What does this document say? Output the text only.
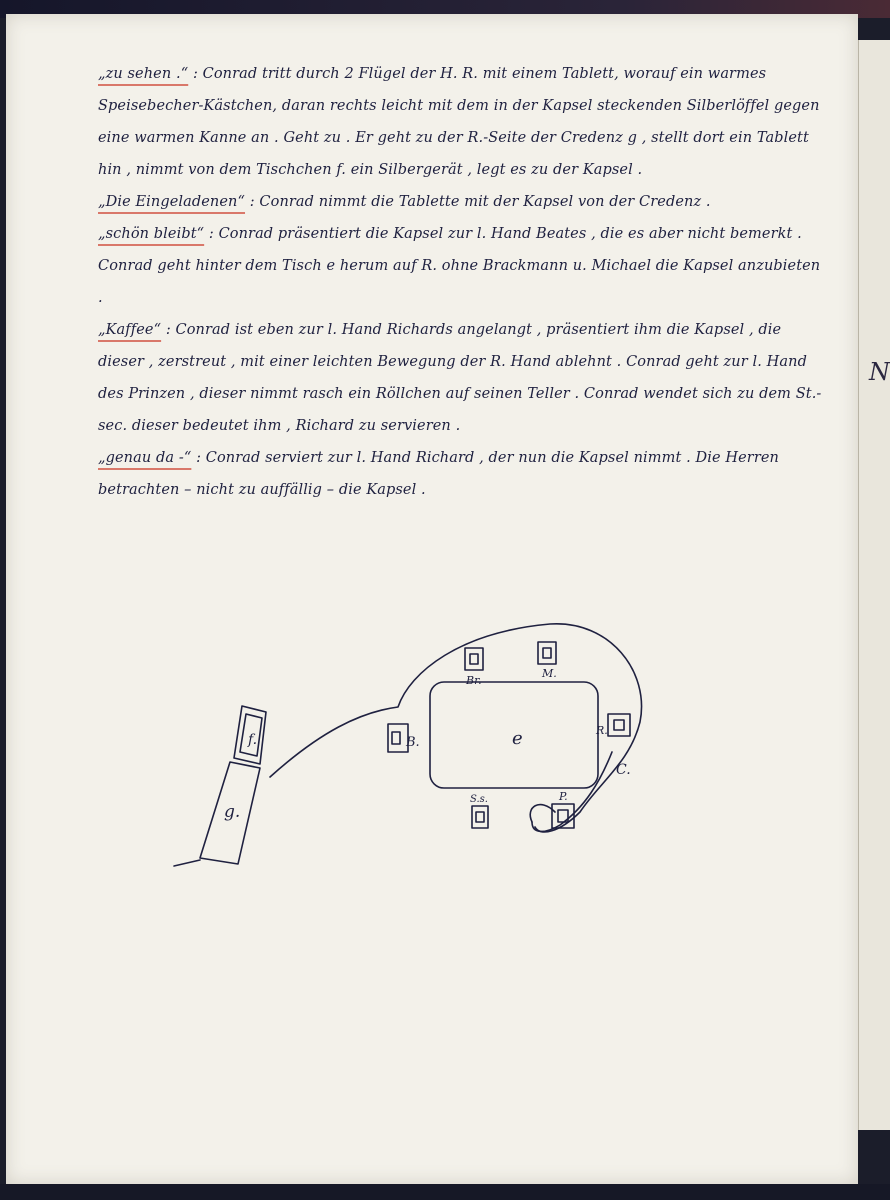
N

„zu sehen .“ : Conrad tritt durch 2 Flügel der H. R. mit einem Tablett, worauf ein warmes Speisebecher-Kästchen, daran rechts leicht mit dem in der Kapsel steckenden Silberlöffel gegen eine warmen Kanne an . Geht zu . Er geht zu der R.-Seite der Credenz g , stellt dort ein Tablett hin , nimmt von dem Tischchen f. ein Silbergerät , legt es zu der Kapsel .

„Die Eingeladenen“ : Conrad nimmt die Tablette mit der Kapsel von der Credenz .

„schön bleibt“ : Conrad präsentiert die Kapsel zur l. Hand Beates , die es aber nicht bemerkt . Conrad geht hinter dem Tisch e herum auf R. ohne Brackmann u. Michael die Kapsel anzubieten .

„Kaffee“ : Conrad ist eben zur l. Hand Richards angelangt , präsentiert ihm die Kapsel , die dieser , zerstreut , mit einer leichten Bewegung der R. Hand ablehnt . Conrad geht zur l. Hand des Prinzen , dieser nimmt rasch ein Röllchen auf seinen Teller . Conrad wendet sich zu dem St.-sec. dieser bedeutet ihm , Richard zu servieren .

„genau da -“ : Conrad serviert zur l. Hand Richard , der nun die Kapsel nimmt . Die Herren betrachten – nicht zu auffällig – die Kapsel .

e
g.
f.
Br.
M.
B.
R.
S.s.	P.
C.
